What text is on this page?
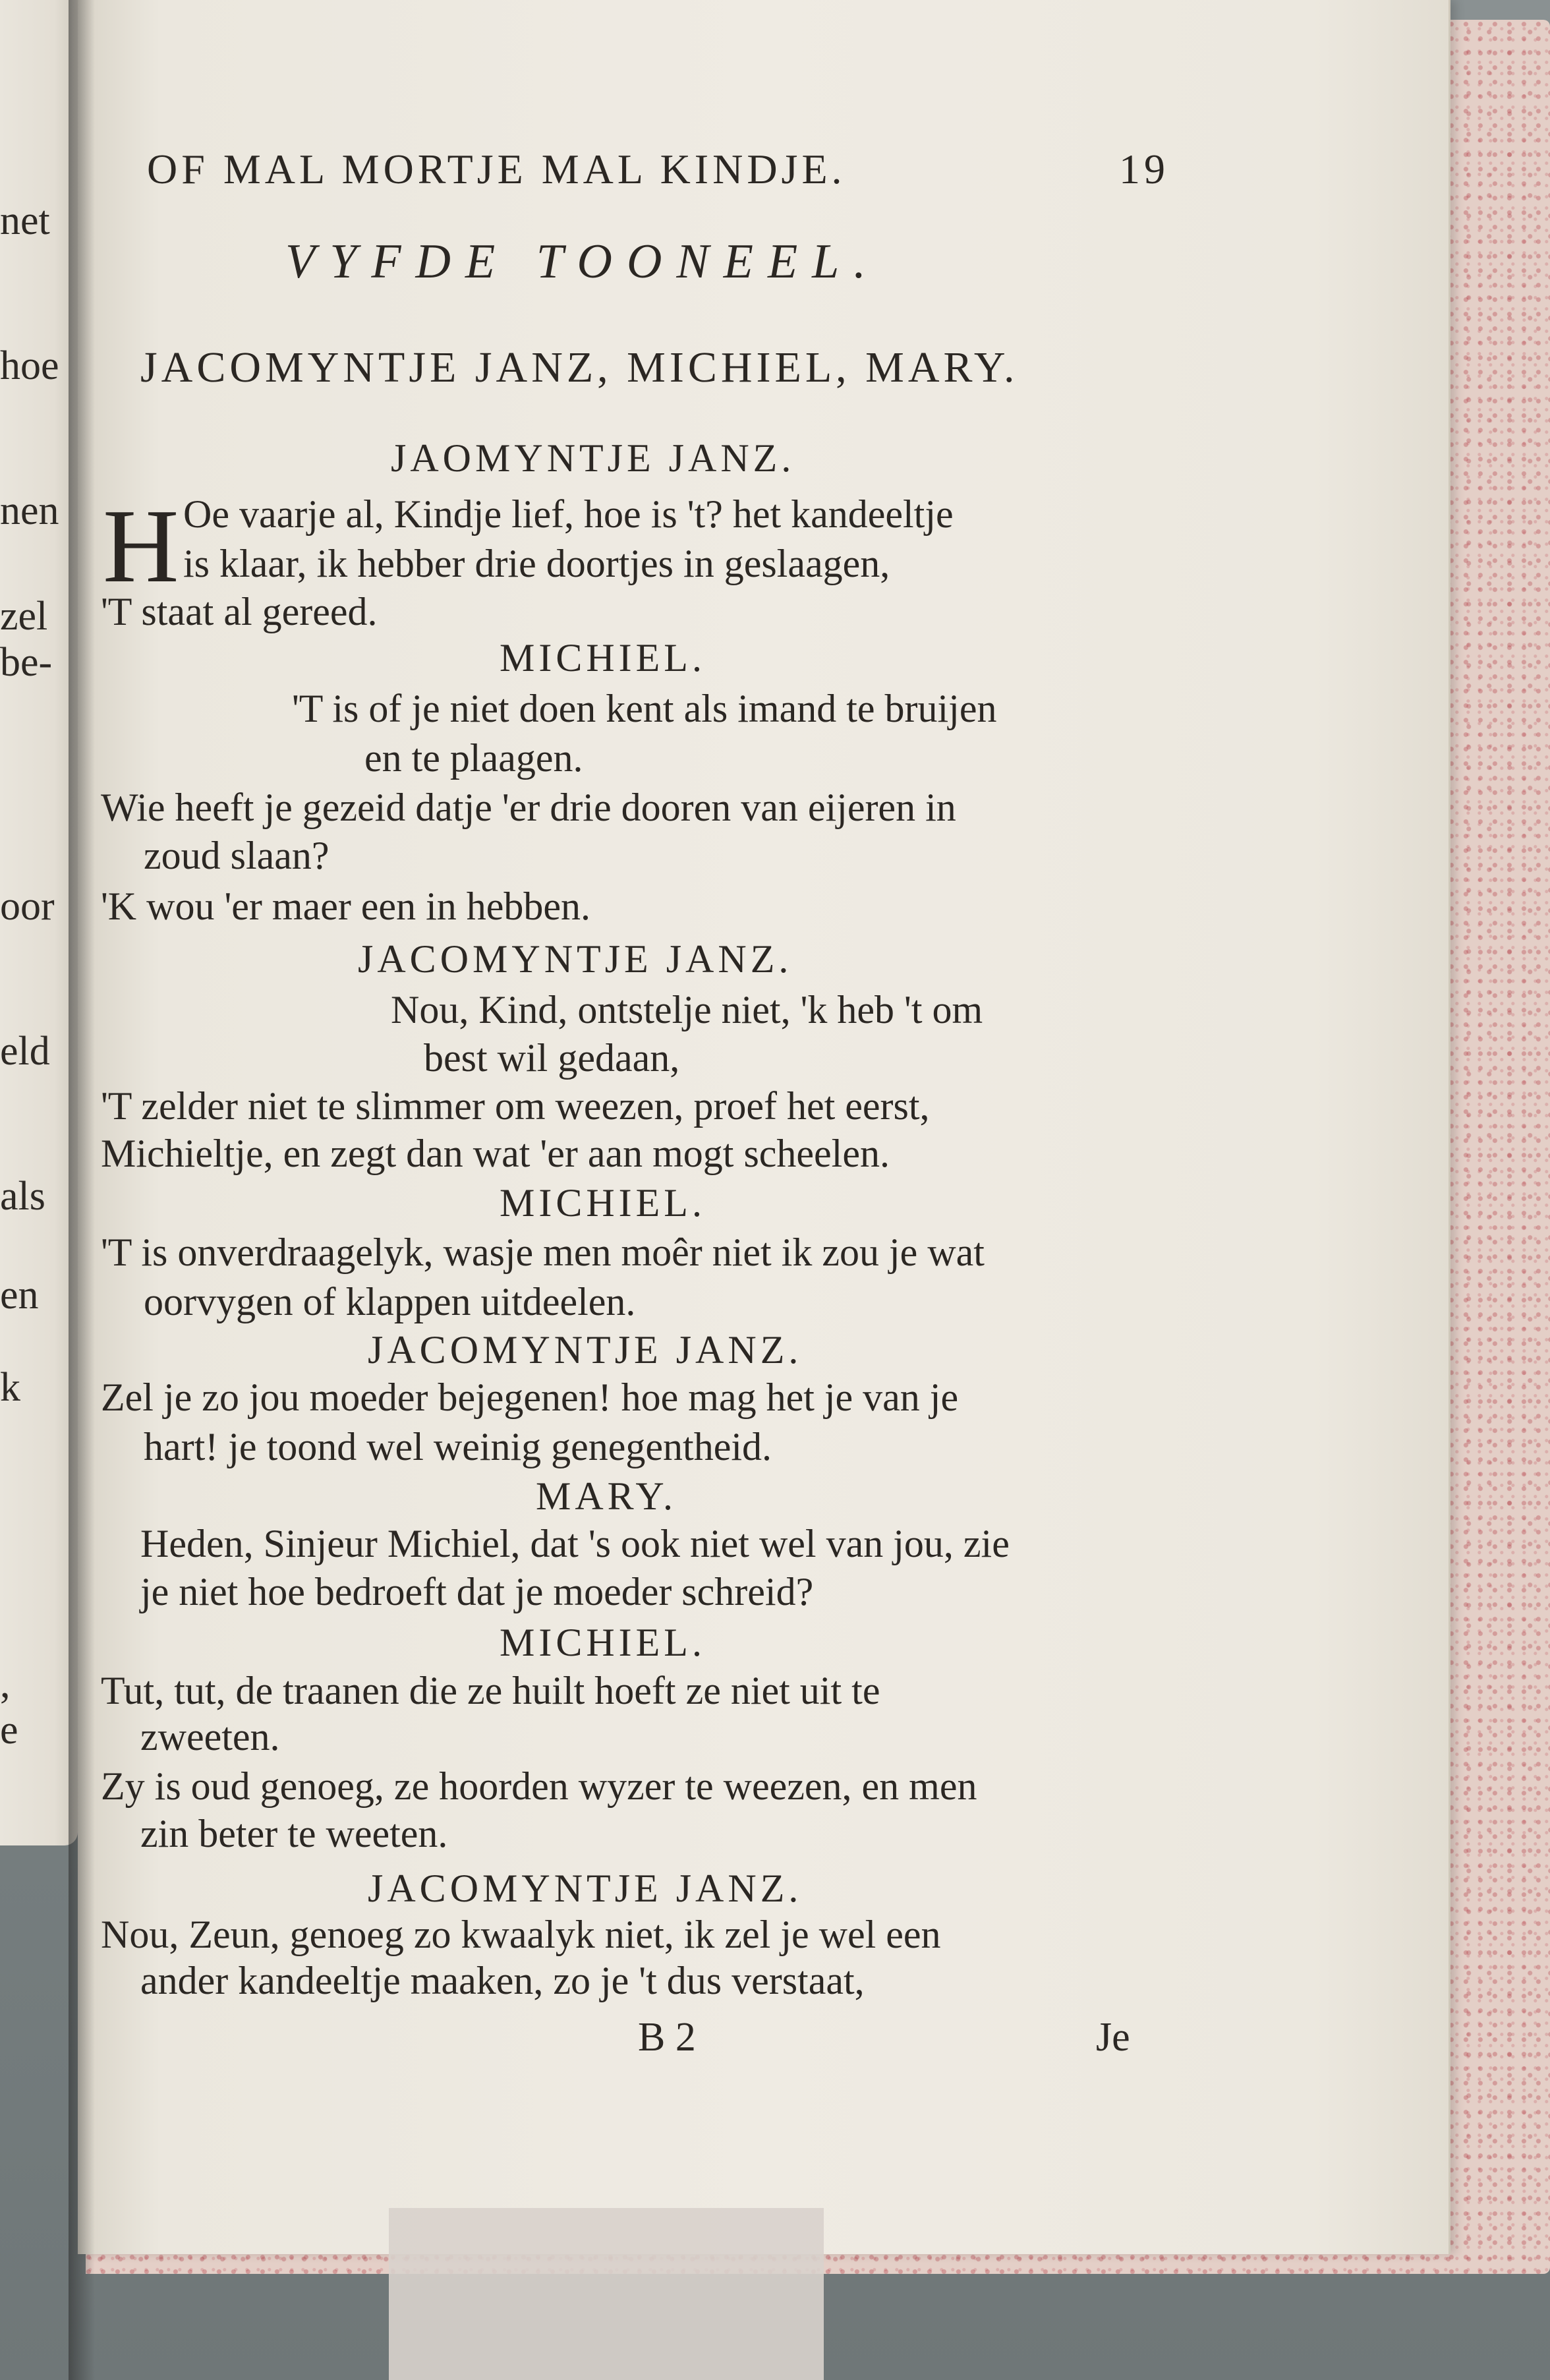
net
hoe
nen
zel
be-
oor
eld
als
en
k
,
e
OF MAL MORTJE MAL KINDJE.	19
VYFDE TOONEEL.
JACOMYNTJE JANZ, MICHIEL, MARY.
JAOMYNTJE JANZ.
H Oe vaarje al, Kindje lief, hoe is 't? het kandeeltje
is klaar, ik hebber drie doortjes in geslaagen,
'T staat al gereed.
MICHIEL.
'T is of je niet doen kent als imand te bruijen
en te plaagen.
Wie heeft je gezeid datje 'er drie dooren van eijeren in
zoud slaan?
'K wou 'er maer een in hebben.
JACOMYNTJE JANZ.
Nou, Kind, ontstelje niet, 'k heb 't om
best wil gedaan,
'T zelder niet te slimmer om weezen, proef het eerst,
Michieltje, en zegt dan wat 'er aan mogt scheelen.
MICHIEL.
'T is onverdraagelyk, wasje men moêr niet ik zou je wat
oorvygen of klappen uitdeelen.
JACOMYNTJE JANZ.
Zel je zo jou moeder bejegenen! hoe mag het je van je
hart! je toond wel weinig genegentheid.
MARY.
Heden, Sinjeur Michiel, dat 's ook niet wel van jou, zie
je niet hoe bedroeft dat je moeder schreid?
MICHIEL.
Tut, tut, de traanen die ze huilt hoeft ze niet uit te
zweeten.
Zy is oud genoeg, ze hoorden wyzer te weezen, en men
zin beter te weeten.
JACOMYNTJE JANZ.
Nou, Zeun, genoeg zo kwaalyk niet, ik zel je wel een
ander kandeeltje maaken, zo je 't dus verstaat,
B 2	Je
